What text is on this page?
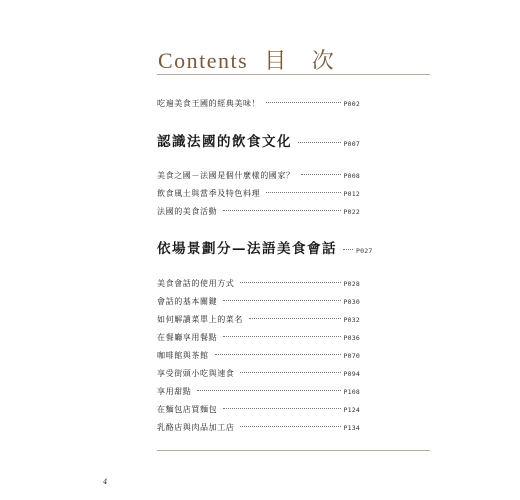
Contents 目 次
吃遍美食王國的經典美味！	P002
認識法國的飲食文化	P007
美食之國－法國是個什麼樣的國家？	P008
飲食風土與當季及特色料理	P012
法國的美食活動	P022
依場景劃分—法語美食會話	P027
美食會話的使用方式	P028
會話的基本關鍵	P030
如何解讀菜單上的菜名	P032
在餐廳享用餐點	P036
咖啡館與茶館	P070
享受街頭小吃與速食	P094
享用甜點	P108
在麵包店買麵包	P124
乳酪店與肉品加工店	P134
4
